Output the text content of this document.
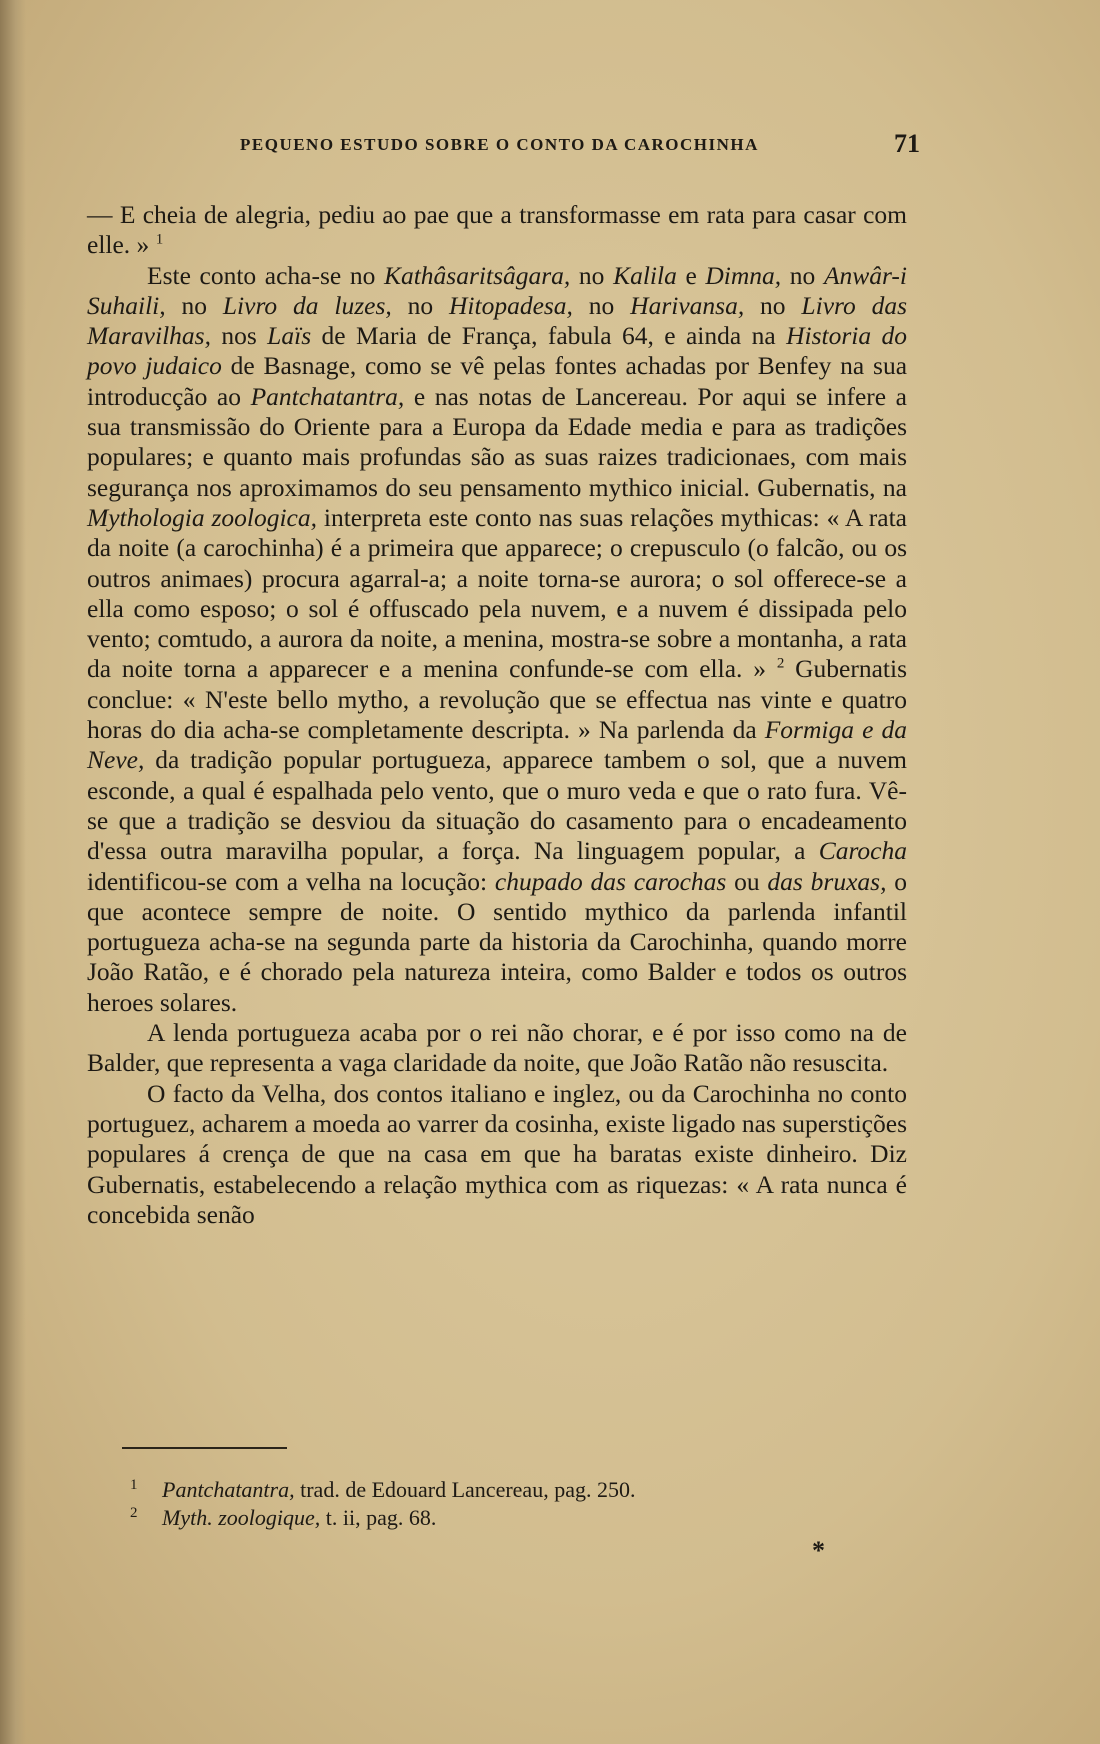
PEQUENO ESTUDO SOBRE O CONTO DA CAROCHINHA	71

— E cheia de alegria, pediu ao pae que a transformasse em rata para casar com elle. » $^1$

Este conto acha-se no Kathâsaritsâgara, no Kalila e Dimna, no Anwâr-i Suhaili, no Livro da luzes, no Hitopadesa, no Harivansa, no Livro das Maravilhas, nos Laïs de Maria de França, fabula 64, e ainda na Historia do povo judaico de Basnage, como se vê pelas fontes achadas por Benfey na sua introducção ao Pantchatantra, e nas notas de Lancereau. Por aqui se infere a sua transmissão do Oriente para a Europa da Edade media e para as tradições populares; e quanto mais profundas são as suas raizes tradicionaes, com mais segurança nos aproximamos do seu pensamento mythico inicial. Gubernatis, na Mythologia zoologica, interpreta este conto nas suas relações mythicas: « A rata da noite (a carochinha) é a primeira que apparece; o crepusculo (o falcão, ou os outros animaes) procura agarral-a; a noite torna-se aurora; o sol offerece-se a ella como esposo; o sol é offuscado pela nuvem, e a nuvem é dissipada pelo vento; comtudo, a aurora da noite, a menina, mostra-se sobre a montanha, a rata da noite torna a apparecer e a menina confunde-se com ella. » $^2$ Gubernatis conclue: « N'este bello mytho, a revolução que se effectua nas vinte e quatro horas do dia acha-se completamente descripta. » Na parlenda da Formiga e da Neve, da tradição popular portugueza, apparece tambem o sol, que a nuvem esconde, a qual é espalhada pelo vento, que o muro veda e que o rato fura. Vê-se que a tradição se desviou da situação do casamento para o encadeamento d'essa outra maravilha popular, a força. Na linguagem popular, a Carocha identificou-se com a velha na locução: chupado das carochas ou das bruxas, o que acontece sempre de noite. O sentido mythico da parlenda infantil portugueza acha-se na segunda parte da historia da Carochinha, quando morre João Ratão, e é chorado pela natureza inteira, como Balder e todos os outros heroes solares.

A lenda portugueza acaba por o rei não chorar, e é por isso como na de Balder, que representa a vaga claridade da noite, que João Ratão não resuscita.

O facto da Velha, dos contos italiano e inglez, ou da Carochinha no conto portuguez, acharem a moeda ao varrer da cosinha, existe ligado nas superstições populares á crença de que na casa em que ha baratas existe dinheiro. Diz Gubernatis, estabelecendo a relação mythica com as riquezas: « A rata nunca é concebida senão

1 Pantchatantra, trad. de Edouard Lancereau, pag. 250.

2 Myth. zoologique, t. ii, pag. 68.

*
